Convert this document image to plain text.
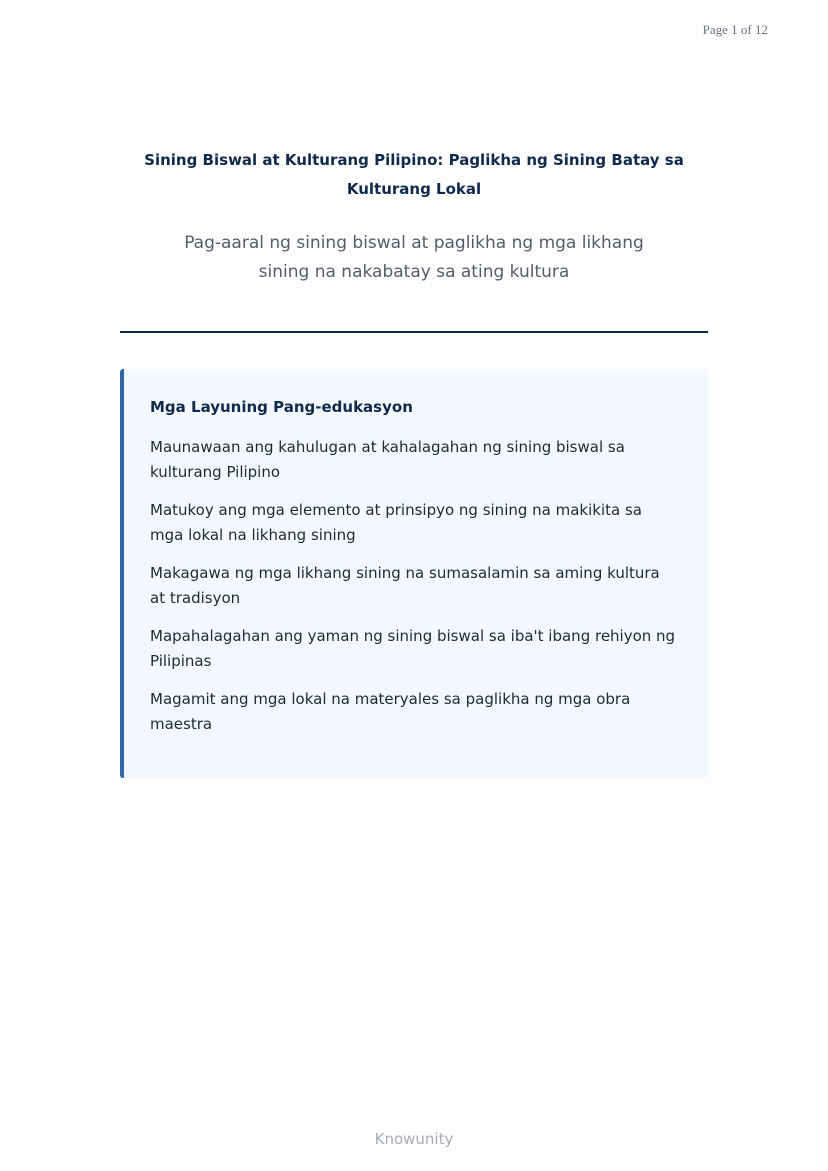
Page 1 of 12
Sining Biswal at Kulturang Pilipino: Paglikha ng Sining Batay sa Kulturang Lokal

Pag-aaral ng sining biswal at paglikha ng mga likhang sining na nakabatay sa ating kultura

Mga Layuning Pang-edukasyon
Maunawaan ang kahulugan at kahalagahan ng sining biswal sa kulturang Pilipino
Matukoy ang mga elemento at prinsipyo ng sining na makikita sa mga lokal na likhang sining
Makagawa ng mga likhang sining na sumasalamin sa aming kultura at tradisyon
Mapahalagahan ang yaman ng sining biswal sa iba't ibang rehiyon ng Pilipinas
Magamit ang mga lokal na materyales sa paglikha ng mga obra maestra
Knowunity
